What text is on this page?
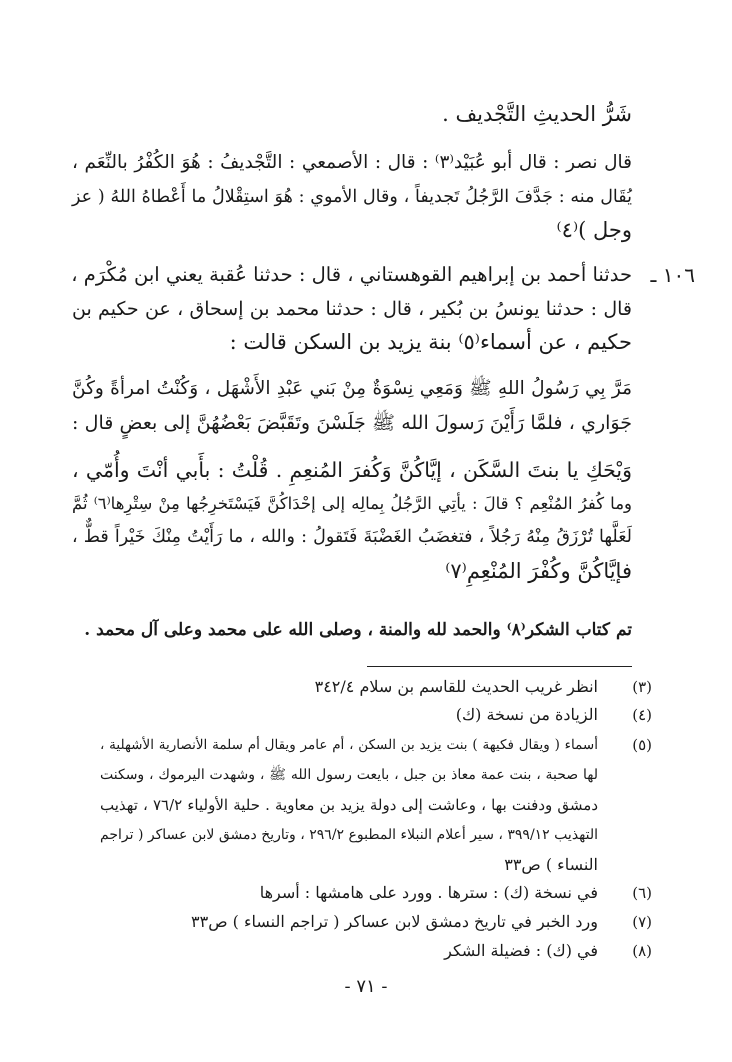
شَرُّ الحديثِ التَّجْديف .
قال نصر : قال أبو عُبَيْد⁽٣⁾ : قال : الأصمعي : التَّجْديفُ : هُوَ الكُفْرُ بالنِّعَم ،
يُقَال منه : جَدَّفَ الرَّجُلُ تَجديفاً ، وقال الأموي : هُوَ استِقْلالُ ما أَعْطاهُ اللهُ ( عز
وجل )⁽٤⁾
١٠٦ ـ
حدثنا أحمد بن إبراهيم القوهستاني ، قال : حدثنا عُقبة يعني ابن مُكْرَم ،
قال : حدثنا يونسُ بن بُكير ، قال : حدثنا محمد بن إسحاق ، عن حكيم بن
حكيم ، عن أسماء⁽٥⁾ بنة يزيد بن السكن قالت :
مَرَّ بِي رَسُولُ اللهِ ﷺ وَمَعِي نِسْوَةٌ مِنْ بَني عَبْدِ الأَشْهَل ، وَكُنْتُ امرأةً وكُنَّ
جَوَاري ، فلمَّا رَأَيْنَ رَسولَ الله ﷺ جَلَسْنَ وتَقَبَّضَ بَعْضُهُنَّ إلى بعضٍ قال :
وَيْحَكِ يا بنتَ السَّكَن ، إيَّاكُنَّ وَكُفرَ المُنعِمِ . قُلْتُ : بأَبي أنْتَ وأُمّي ،
وما كُفرُ المُنْعِم ؟ قالَ : يأتِي الرَّجُلُ بِمالِه إلى إحْدَاكُنَّ فَيَسْتَخرِجُها مِنْ سِتْرِها⁽٦⁾ ثُمَّ
لَعَلَّها تُرْزَقُ مِنْهُ رَجُلاً ، فتغضَبُ الغَضْبَةَ فَتَقولُ : والله ، ما رَأَيْتُ مِنْكَ خَيْراً قطٌّ ،
فإيَّاكُنَّ وكُفْرَ المُنْعِمِ⁽٧⁾
تم كتاب الشكر⁽٨⁾ والحمد لله والمنة ، وصلى الله على محمد وعلى آل محمد .
(٣)
انظر غريب الحديث للقاسم بن سلام ٣٤٢/٤
(٤)
الزيادة من نسخة (ك)
(٥)
أسماء ( ويقال فكيهة ) بنت يزيد بن السكن ، أم عامر ويقال أم سلمة الأنصارية الأشهلية ،
لها صحبة ، بنت عمة معاذ بن جبل ، بايعت رسول الله ﷺ ، وشهدت اليرموك ، وسكنت
دمشق ودفنت بها ، وعاشت إلى دولة يزيد بن معاوية . حلية الأولياء ٧٦/٢ ، تهذيب
التهذيب ٣٩٩/١٢ ، سير أعلام النبلاء المطبوع ٢٩٦/٢ ، وتاريخ دمشق لابن عساكر ( تراجم
النساء ) ص٣٣
(٦)
في نسخة (ك) : سترها . وورد على هامشها : أسرها
(٧)
ورد الخبر في تاريخ دمشق لابن عساكر ( تراجم النساء ) ص٣٣
(٨)
في (ك) : فضيلة الشكر
- ٧١ -
